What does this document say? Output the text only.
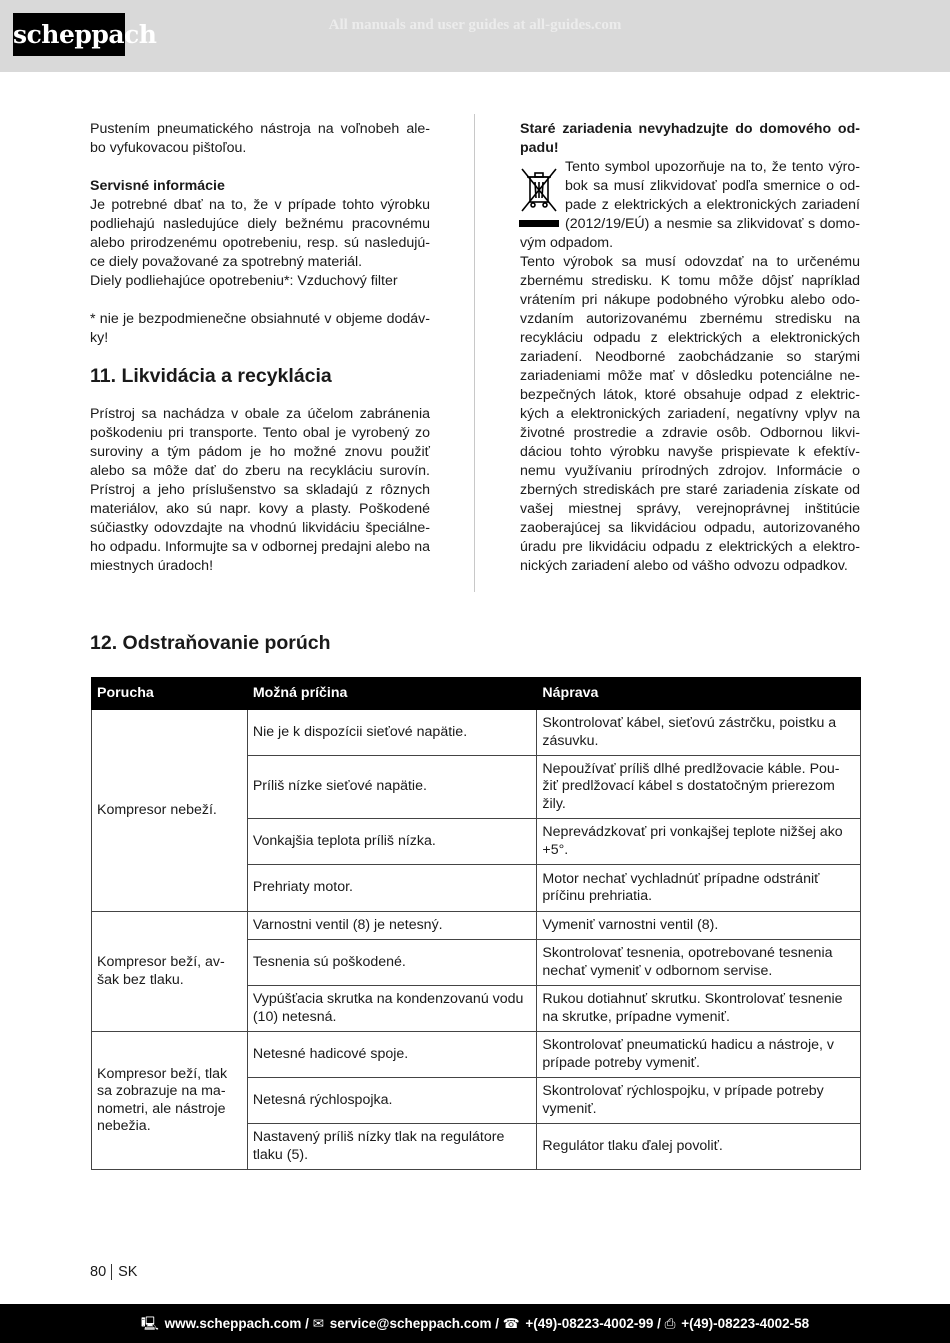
scheppach	All manuals and user guides at all-guides.com

Pustením pneumatického nástroja na voľnobeh ale-bo vyfukovacou pištoľou.

Servisné informácie

Je potrebné dbať na to, že v prípade tohto výrobku podliehajú nasledujúce diely bežnému pracovnému alebo prirodzenému opotrebeniu, resp. sú nasledujú-ce diely považované za spotrebný materiál.

Diely podliehajúce opotrebeniu*: Vzduchový filter

* nie je bezpodmienečne obsiahnuté v objeme dodáv-ky!

11. Likvidácia a recyklácia

Prístroj sa nachádza v obale za účelom zabránenia poškodeniu pri transporte. Tento obal je vyrobený zo suroviny a tým pádom je ho možné znovu použiť alebo sa môže dať do zberu na recykláciu surovín. Prístroj a jeho príslušenstvo sa skladajú z rôznych materiálov, ako sú napr. kovy a plasty. Poškodené súčiastky odovzdajte na vhodnú likvidáciu špeciálne-ho odpadu. Informujte sa v odbornej predajni alebo na miestnych úradoch!

Staré zariadenia nevyhadzujte do domového od-padu!

Tento symbol upozorňuje na to, že tento výro-bok sa musí zlikvidovať podľa smernice o od-pade z elektrických a elektronických zariadení (2012/19/EÚ) a nesmie sa zlikvidovať s domo-vým odpadom.

Tento výrobok sa musí odovzdať na to určenému zbernému stredisku. K tomu môže dôjsť napríklad vrátením pri nákupe podobného výrobku alebo odo-vzdaním autorizovanému zbernému stredisku na recykláciu odpadu z elektrických a elektronických zariadení. Neodborné zaobchádzanie so starými zariadeniami môže mať v dôsledku potenciálne ne-bezpečných látok, ktoré obsahuje odpad z elektric-kých a elektronických zariadení, negatívny vplyv na životné prostredie a zdravie osôb. Odbornou likvi-dáciou tohto výrobku navyše prispievate k efektív-nemu využívaniu prírodných zdrojov. Informácie o zberných strediskách pre staré zariadenia získate od vašej miestnej správy, verejnoprávnej inštitúcie zaoberajúcej sa likvidáciou odpadu, autorizovaného úradu pre likvidáciu odpadu z elektrických a elektro-nických zariadení alebo od vášho odvozu odpadkov.

12. Odstraňovanie porúch
Porucha	Možná príčina	Náprava
Kompresor nebeží.	Nie je k dispozícii sieťové napätie.	Skontrolovať kábel, sieťovú zástrčku, poistku a zásuvku.
	Príliš nízke sieťové napätie.	Nepoužívať príliš dlhé predlžovacie káble. Pou-žiť predlžovací kábel s dostatočným prierezom žily.
	Vonkajšia teplota príliš nízka.	Neprevádzkovať pri vonkajšej teplote nižšej ako +5°.
	Prehriaty motor.	Motor nechať vychladnúť prípadne odstrániť príčinu prehriatia.
Kompresor beží, av-šak bez tlaku.	Varnostni ventil (8) je netesný.	Vymeniť varnostni ventil (8).
	Tesnenia sú poškodené.	Skontrolovať tesnenia, opotrebované tesnenia nechať vymeniť v odbornom servise.
	Vypúšťacia skrutka na kondenzovanú vodu (10) netesná.	Rukou dotiahnuť skrutku. Skontrolovať tesnenie na skrutke, prípadne vymeniť.
Kompresor beží, tlak sa zobrazuje na ma-nometri, ale nástroje nebežia.	Netesné hadicové spoje.	Skontrolovať pneumatickú hadicu a nástroje, v prípade potreby vymeniť.
	Netesná rýchlospojka.	Skontrolovať rýchlospojku, v prípade potreby vymeniť.
	Nastavený príliš nízky tlak na regulátore tlaku (5).	Regulátor tlaku ďalej povoliť.
80 SK
🖳 www.scheppach.com / ✉ service@scheppach.com / ☎ +(49)-08223-4002-99 / ⎙ +(49)-08223-4002-58
